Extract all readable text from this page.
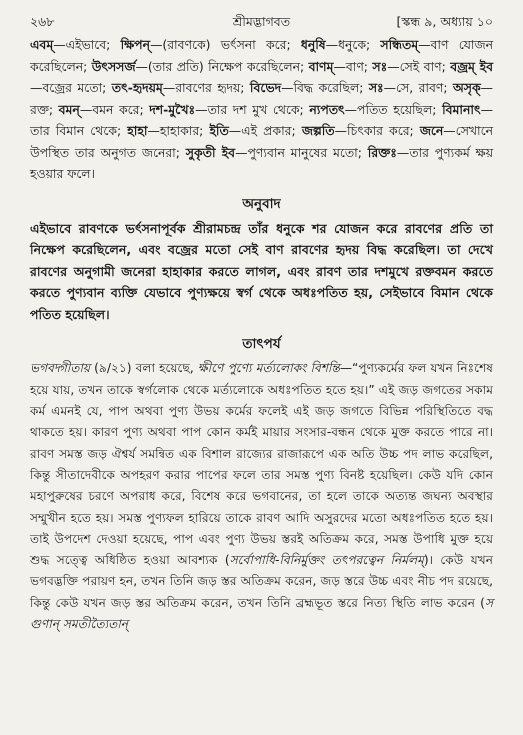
২৬৮	শ্রীমদ্ভাগবত	[স্কন্ধ ৯, অধ্যায় ১০

এবম্—এইভাবে; ক্ষিপন্—(রাবণকে) ভর্ৎসনা করে; ধনুষি—ধনুকে; সন্ধিতম্—বাণ যোজন করেছিলেন; উৎসসর্জ—(তার প্রতি) নিক্ষেপ করেছিলেন; বাণম্—বাণ; সঃ—সেই বাণ; বজ্রম্ ইব—বজ্রের মতো; তৎ-হৃদয়ম্—রাবণের হৃদয়; বিভেদ—বিদ্ধ করেছিল; সঃ—সে, রাবণ; অসৃক্—রক্ত; বমন্—বমন করে; দশ-মুখৈঃ—তার দশ মুখ থেকে; ন্যপতৎ—পতিত হয়েছিল; বিমানাৎ—তার বিমান থেকে; হাহা—হাহাকার; ইতি—এই প্রকার; জল্পতি—চিৎকার করে; জনে—সেখানে উপস্থিত তার অনুগত জনেরা; সুকৃতী ইব—পুণ্যবান মানুষের মতো; রিক্তঃ—তার পুণ্যকর্ম ক্ষয় হওয়ার ফলে।

অনুবাদ

এইভাবে রাবণকে ভর্ৎসনাপূর্বক শ্রীরামচন্দ্র তাঁর ধনুকে শর যোজন করে রাবণের প্রতি তা নিক্ষেপ করেছিলেন, এবং বজ্রের মতো সেই বাণ রাবণের হৃদয় বিদ্ধ করেছিল। তা দেখে রাবণের অনুগামী জনেরা হাহাকার করতে লাগল, এবং রাবণ তার দশমুখে রক্তবমন করতে করতে পুণ্যবান ব্যক্তি যেভাবে পুণ্যক্ষয়ে স্বর্গ থেকে অধঃপতিত হয়, সেইভাবে বিমান থেকে পতিত হয়েছিল।

তাৎপর্য

ভগবদ্গীতায় (৯/২১) বলা হয়েছে, ক্ষীণে পুণ্যে মর্ত্যলোকং বিশন্তি—“পুণ্যকর্মের ফল যখন নিঃশেষ হয়ে যায়, তখন তাকে স্বর্গলোক থেকে মর্ত্যলোকে অধঃপতিত হতে হয়।” এই জড় জগতের সকাম কর্ম এমনই যে, পাপ অথবা পুণ্য উভয় কর্মের ফলেই এই জড় জগতে বিভিন্ন পরিস্থিতিতে বদ্ধ থাকতে হয়। কারণ পুণ্য অথবা পাপ কোন কর্মই মায়ার সংসার-বন্ধন থেকে মুক্ত করতে পারে না। রাবণ সমস্ত জড় ঐশ্বর্য সমন্বিত এক বিশাল রাজ্যের রাজারূপে এক অতি উচ্চ পদ লাভ করেছিল, কিন্তু সীতাদেবীকে অপহরণ করার পাপের ফলে তার সমস্ত পুণ্য বিনষ্ট হয়েছিল। কেউ যদি কোন মহাপুরুষের চরণে অপরাধ করে, বিশেষ করে ভগবানের, তা হলে তাকে অত্যন্ত জঘন্য অবস্থার সম্মুখীন হতে হয়। সমস্ত পুণ্যফল হারিয়ে তাকে রাবণ আদি অসুরদের মতো অধঃপতিত হতে হয়। তাই উপদেশ দেওয়া হয়েছে, পাপ এবং পুণ্য উভয় স্তরই অতিক্রম করে, সমস্ত উপাধি মুক্ত হয়ে শুদ্ধ সত্ত্বে অধিষ্ঠিত হওয়া আবশ্যক (সর্বোপাধি-বিনির্মুক্তং তৎপরত্বেন নির্মলম্)। কেউ যখন ভগবদ্ভক্তি পরায়ণ হন, তখন তিনি জড় স্তর অতিক্রম করেন, জড় স্তরে উচ্চ এবং নীচ পদ রয়েছে, কিন্তু কেউ যখন জড় স্তর অতিক্রম করেন, তখন তিনি ব্রহ্মভূত স্তরে নিত্য স্থিতি লাভ করেন (স গুণান্ সমতীত্যৈতান্
